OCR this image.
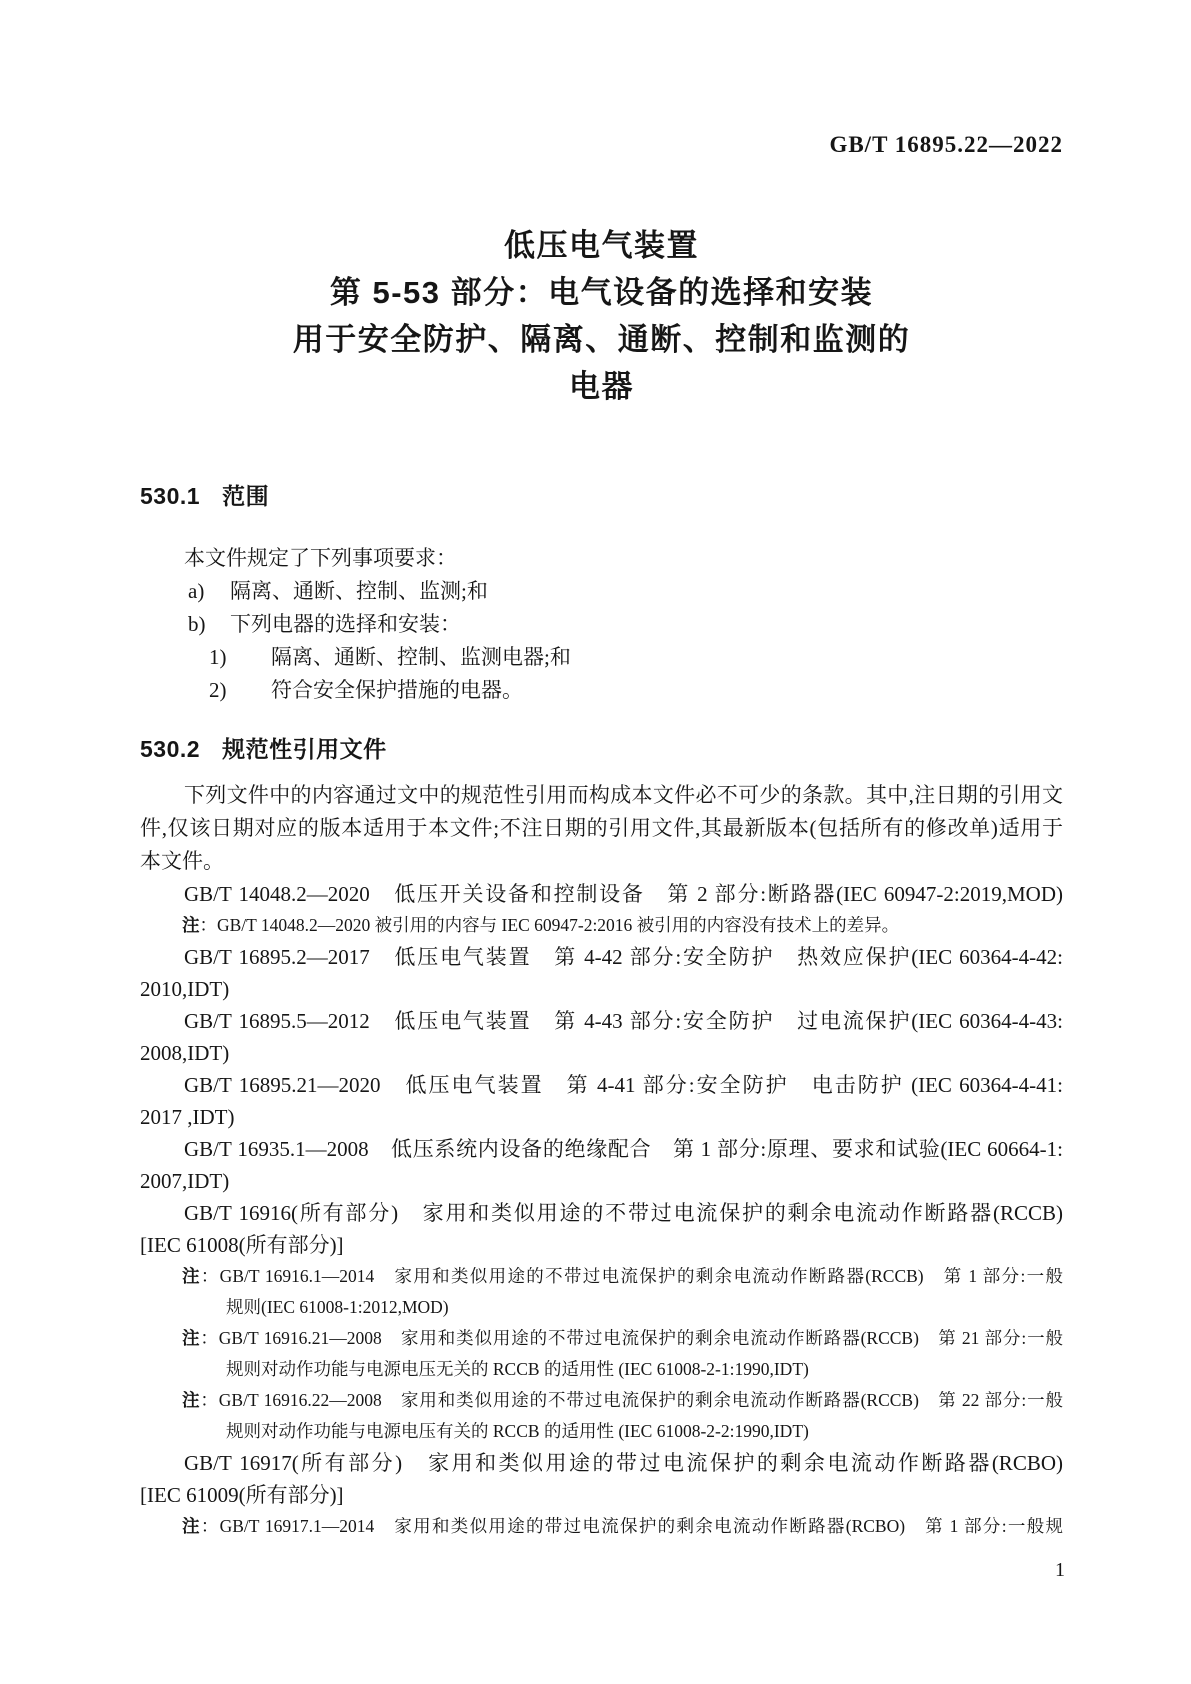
GB/T 16895.22—2022
低压电气装置
第 5-53 部分：电气设备的选择和安装
用于安全防护、隔离、通断、控制和监测的
电器
530.1 范围
本文件规定了下列事项要求：
a) 隔离、通断、控制、监测;和
b) 下列电器的选择和安装：
1) 隔离、通断、控制、监测电器;和
2) 符合安全保护措施的电器。
530.2 规范性引用文件
下列文件中的内容通过文中的规范性引用而构成本文件必不可少的条款。其中,注日期的引用文
件,仅该日期对应的版本适用于本文件;不注日期的引用文件,其最新版本(包括所有的修改单)适用于
本文件。
GB/T 14048.2—2020　低压开关设备和控制设备　第 2 部分:断路器(IEC 60947-2:2019,MOD)
注：GB/T 14048.2—2020 被引用的内容与 IEC 60947-2:2016 被引用的内容没有技术上的差异。
GB/T 16895.2—2017　低压电气装置　第 4-42 部分:安全防护　热效应保护(IEC 60364-4-42:
2010,IDT)
GB/T 16895.5—2012　低压电气装置　第 4-43 部分:安全防护　过电流保护(IEC 60364-4-43:
2008,IDT)
GB/T 16895.21—2020　低压电气装置　第 4-41 部分:安全防护　电击防护 (IEC 60364-4-41:
2017 ,IDT)
GB/T 16935.1—2008　低压系统内设备的绝缘配合　第 1 部分:原理、要求和试验(IEC 60664-1:
2007,IDT)
GB/T 16916(所有部分)　家用和类似用途的不带过电流保护的剩余电流动作断路器(RCCB)
[IEC 61008(所有部分)]
注：GB/T 16916.1—2014　家用和类似用途的不带过电流保护的剩余电流动作断路器(RCCB)　第 1 部分:一般
规则(IEC 61008-1:2012,MOD)
注：GB/T 16916.21—2008　家用和类似用途的不带过电流保护的剩余电流动作断路器(RCCB)　第 21 部分:一般
规则对动作功能与电源电压无关的 RCCB 的适用性 (IEC 61008-2-1:1990,IDT)
注：GB/T 16916.22—2008　家用和类似用途的不带过电流保护的剩余电流动作断路器(RCCB)　第 22 部分:一般
规则对动作功能与电源电压有关的 RCCB 的适用性 (IEC 61008-2-2:1990,IDT)
GB/T 16917(所有部分)　家用和类似用途的带过电流保护的剩余电流动作断路器(RCBO)
[IEC 61009(所有部分)]
注：GB/T 16917.1—2014　家用和类似用途的带过电流保护的剩余电流动作断路器(RCBO)　第 1 部分:一般规
1
